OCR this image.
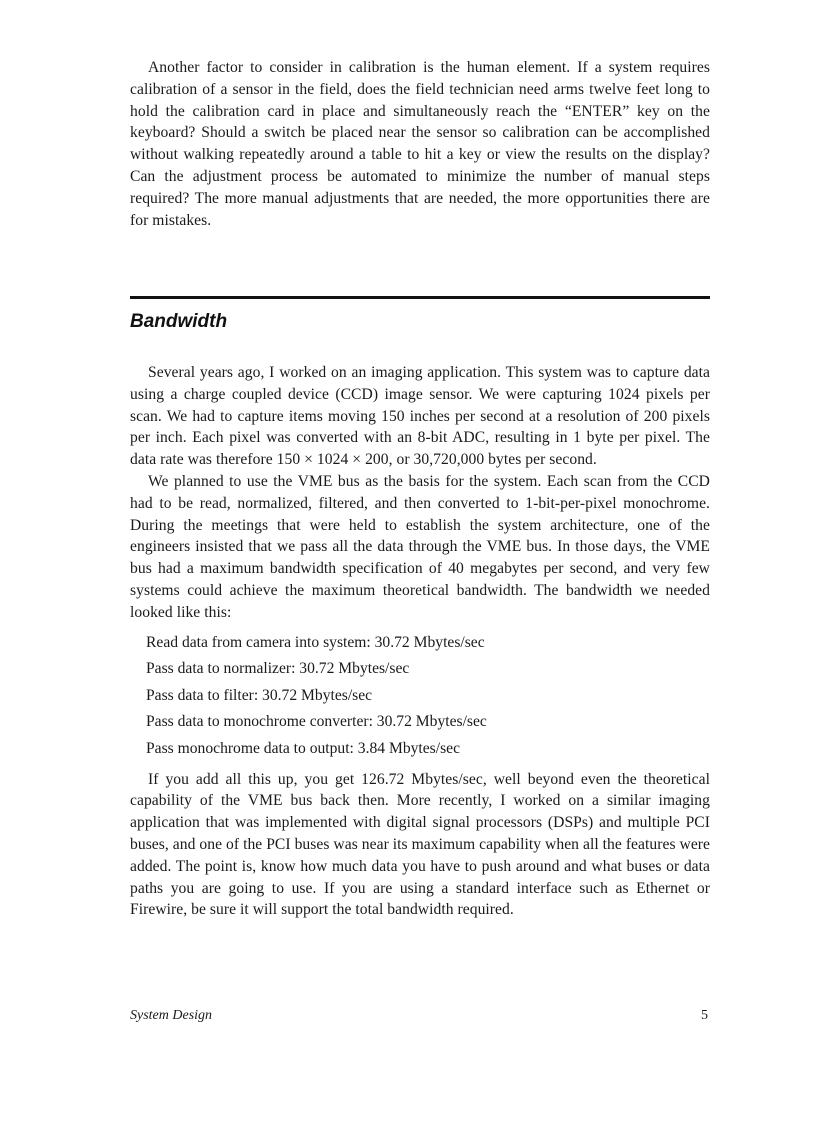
Another factor to consider in calibration is the human element. If a system requires calibration of a sensor in the field, does the field technician need arms twelve feet long to hold the calibration card in place and simultaneously reach the “ENTER” key on the keyboard? Should a switch be placed near the sensor so calibration can be accomplished without walking repeatedly around a table to hit a key or view the results on the display? Can the adjustment process be automated to minimize the number of manual steps required? The more manual adjustments that are needed, the more opportunities there are for mistakes.

Bandwidth

Several years ago, I worked on an imaging application. This system was to capture data using a charge coupled device (CCD) image sensor. We were capturing 1024 pixels per scan. We had to capture items moving 150 inches per second at a resolution of 200 pixels per inch. Each pixel was converted with an 8-bit ADC, resulting in 1 byte per pixel. The data rate was therefore 150 × 1024 × 200, or 30,720,000 bytes per second.

We planned to use the VME bus as the basis for the system. Each scan from the CCD had to be read, normalized, filtered, and then converted to 1-bit-per-pixel monochrome. During the meetings that were held to establish the system architecture, one of the engineers insisted that we pass all the data through the VME bus. In those days, the VME bus had a maximum bandwidth specification of 40 megabytes per second, and very few systems could achieve the maximum theoretical bandwidth. The bandwidth we needed looked like this:

Read data from camera into system: 30.72 Mbytes/sec
Pass data to normalizer: 30.72 Mbytes/sec
Pass data to filter: 30.72 Mbytes/sec
Pass data to monochrome converter: 30.72 Mbytes/sec
Pass monochrome data to output: 3.84 Mbytes/sec

If you add all this up, you get 126.72 Mbytes/sec, well beyond even the theoretical capability of the VME bus back then. More recently, I worked on a similar imaging application that was implemented with digital signal processors (DSPs) and multiple PCI buses, and one of the PCI buses was near its maximum capability when all the features were added. The point is, know how much data you have to push around and what buses or data paths you are going to use. If you are using a standard interface such as Ethernet or Firewire, be sure it will support the total bandwidth required.

System Design	5
